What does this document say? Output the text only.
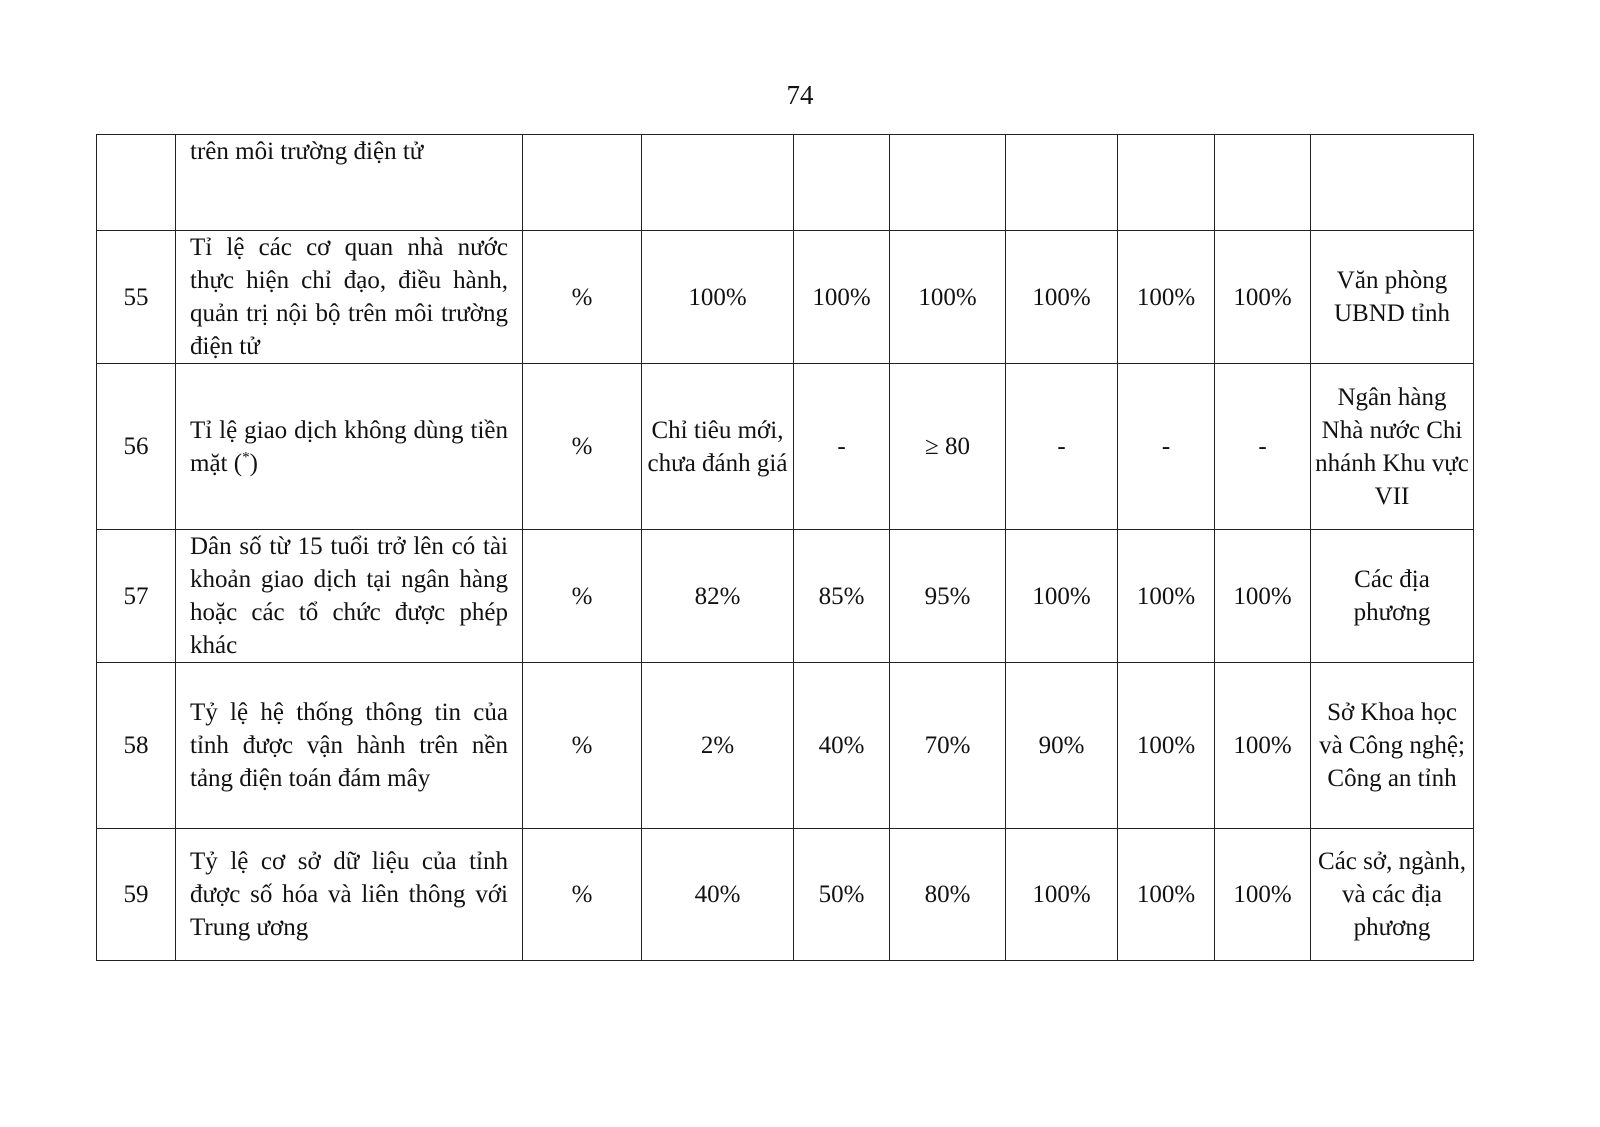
74
	trên môi trường điện tử								
55	Tỉ lệ các cơ quan nhà nước thực hiện chỉ đạo, điều hành, quản trị nội bộ trên môi trường điện tử	%	100%	100%	100%	100%	100%	100%	Văn phòng UBND tỉnh
56	Tỉ lệ giao dịch không dùng tiền mặt (*)	%	Chỉ tiêu mới, chưa đánh giá	-	≥ 80	-	-	-	Ngân hàng Nhà nước Chi nhánh Khu vực VII
57	Dân số từ 15 tuổi trở lên có tài khoản giao dịch tại ngân hàng hoặc các tổ chức được phép khác	%	82%	85%	95%	100%	100%	100%	Các địa phương
58	Tỷ lệ hệ thống thông tin của tỉnh được vận hành trên nền tảng điện toán đám mây	%	2%	40%	70%	90%	100%	100%	Sở Khoa học và Công nghệ; Công an tỉnh
59	Tỷ lệ cơ sở dữ liệu của tỉnh được số hóa và liên thông với Trung ương	%	40%	50%	80%	100%	100%	100%	Các sở, ngành, và các địa phương
